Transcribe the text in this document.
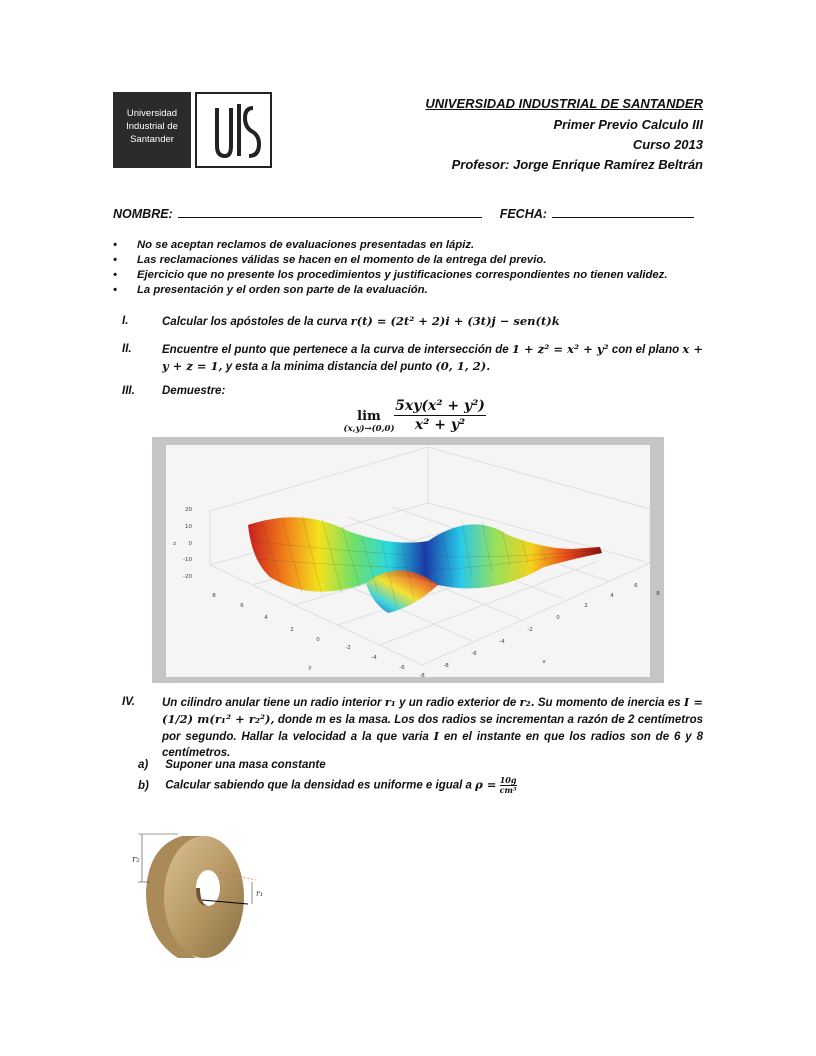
Universidad
Industrial de
Santander
UNIVERSIDAD INDUSTRIAL DE SANTANDER
Primer Previo Calculo III
Curso 2013
Profesor: Jorge Enrique Ramírez Beltrán
NOMBRE:	FECHA:
• No se aceptan reclamos de evaluaciones presentadas en lápiz.
• Las reclamaciones válidas se hacen en el momento de la entrega del previo.
• Ejercicio que no presente los procedimientos y justificaciones correspondientes no tienen validez.
• La presentación y el orden son parte de la evaluación.
I.	Calcular los apóstoles de la curva r(t) = (2t² + 2)i + (3t)j − sen(t)k
II.	Encuentre el punto que pertenece a la curva de intersección de 1 + z² = x² + y² con el plano x + y + z = 1, y esta a la minima distancia del punto (0, 1, 2).
III. Demuestre:
lim
$(x,y)\to(0,0) \frac{\text{5xy(x² + y²)}}{\text{x² + y²}}$
20
10
0
-10
-20
z
8
6
4
2
0
-2
-4
-6
-8
-8
-6
-4
-2
0
2
4
6
8
y
x
IV. Un cilindro anular tiene un radio interior r₁ y un radio exterior de r₂. Su momento de inercia es I = (1/2) m(r₁² + r₂²), donde m es la masa. Los dos radios se incrementan a razón de 2 centímetros por segundo. Hallar la velocidad a la que varia I en el instante en que los radios son de 6 y 8 centímetros.
a) Suponer una masa constante
b) Calcular sabiendo que la densidad es uniforme e igual a $\rho = \frac{10g}{\text{cm³}}$
r₂
r₁
